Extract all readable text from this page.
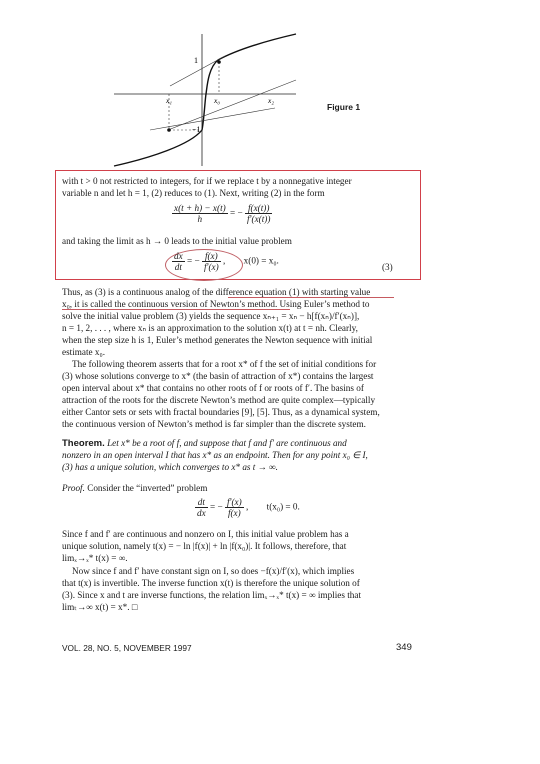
1
−1
x₁	x₀	x₂
Figure 1
with t > 0 not restricted to integers, for if we replace t by a nonnegative integer
variable n and let h = 1, (2) reduces to (1). Next, writing (2) in the form
$\frac{x(t + h) - x(t)}{h}$ = − $\frac{f(x(t))}{f'(x(t))}$
and taking the limit as h → 0 leads to the initial value problem
$\frac{dx}{dt}$ = − $\frac{f(x)}{f'(x)}$ ,  x(0) = x₀.
(3)
Thus, as (3) is a continuous analog of the difference equation (1) with starting value
x₀, it is called the continuous version of Newton’s method. Using Euler’s method to
solve the initial value problem (3) yields the sequence xₙ₊₁ = xₙ − h[f(xₙ)/f′(xₙ)],
n = 1, 2, . . . , where xₙ is an approximation to the solution x(t) at t = nh. Clearly,
when the step size h is 1, Euler’s method generates the Newton sequence with initial
estimate x₀.
The following theorem asserts that for a root x* of f the set of initial conditions for
(3) whose solutions converge to x* (the basin of attraction of x*) contains the largest
open interval about x* that contains no other roots of f or roots of f′. The basins of
attraction of the roots for the discrete Newton’s method are quite complex—typically
either Cantor sets or sets with fractal boundaries [9], [5]. Thus, as a dynamical system,
the continuous version of Newton’s method is far simpler than the discrete system.
Theorem. Let x* be a root of f, and suppose that f and f′ are continuous and
nonzero in an open interval I that has x* as an endpoint. Then for any point x₀ ∈ I,
(3) has a unique solution, which converges to x* as t → ∞.
Proof. Consider the “inverted” problem
$\frac{dt}{dx}$ = − $\frac{f'(x)}{f(x)}$ ,  t(x₀) = 0.
Since f and f′ are continuous and nonzero on I, this initial value problem has a
unique solution, namely t(x) = − ln |f(x)| + ln |f(x₀)|. It follows, therefore, that
limₓ→ₓ* t(x) = ∞.
Now since f and f′ have constant sign on I, so does −f(x)/f′(x), which implies
that t(x) is invertible. The inverse function x(t) is therefore the unique solution of
(3). Since x and t are inverse functions, the relation limₓ→ₓ* t(x) = ∞ implies that
limₜ→∞ x(t) = x*. □
VOL. 28, NO. 5, NOVEMBER 1997	349
